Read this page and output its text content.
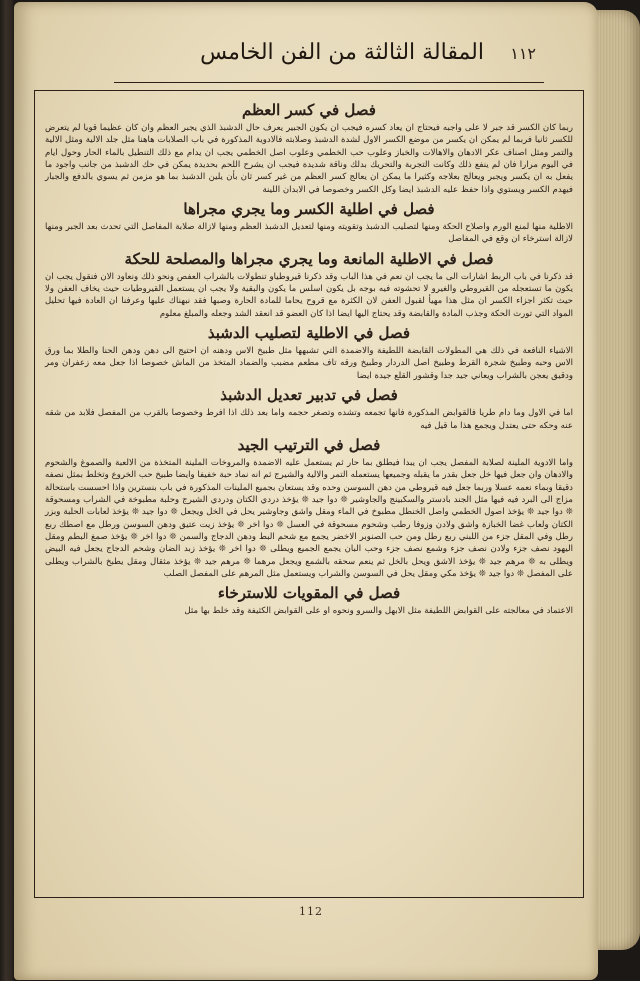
١١٢
المقالة الثالثة من الفن الخامس
فصل في كسر العظم

ربما كان الكسر قد جبر لا على واجبه فيحتاج ان يعاد كسره فيجب ان يكون الجبير يعرف حال الدشبذ الذي يجبر العظم وان كان عظيما قويا لم يتعرض للكسر ثانيا فربما لم يمكن ان يكسر من موضع الكسر الاول لشدة الدشبذ وصلابته فالادوية المذكورة في باب الصلابات هاهنا مثل جلد الالية ومثل الالية والتمر ومثل اصناف عكر الادهان والاهالات والخباز وعلوب حب الخطمي وعلوب اصل الخطمي يجب ان يدام مع ذلك التنطيل بالماء الحار وحول ايام في اليوم مرارا فان لم ينفع ذلك وكانت التجربة والتحريك بدلك وناقة شديدة فيجب ان يشرح اللحم بحديدة يمكن في حك الدشبذ من جانب واجود ما يفعل به ان يكسر ويجبر ويعالج بعلاجه وكثيرا ما يمكن ان يعالج كسر العظم من غير كسر ثان بأن يلين الدشبذ بما هو مزمن ثم يسوي بالدفع والجبار فيهدم الكسر ويستوي واذا حفظ عليه الدشبذ ايضا وكل الكسر وخصوصا في الابدان اللينة

فصل في اطلية الكسر وما يجري مجراها

الاطلية منها لمنع الورم واصلاح الحكة ومنها لتصليب الدشبذ وتقويته ومنها لتعديل الدشبذ العظم ومنها لازالة صلابة المفاصل التي تحدث بعد الجبر ومنها لازالة استرخاء ان وقع في المفاصل

فصل في الاطلية المانعة وما يجري مجراها والمصلحة للحكة

قد ذكرنا في باب الربط اشارات الى ما يجب ان نعم في هذا الباب وقد ذكرنا قيروطياو تنطولات بالشراب العفص ونحو ذلك ونعاود الان فنقول يجب ان يكون ما تستعجله من القيروطي والغيرو لا تحشوته فيه بوجه بل يكون اسلس ما يكون والبقية ولا يجب ان يستعمل القيروطيات حيث يخاف العفن ولا حيث تكثر اجزاء الكسر ان مثل هذا مهيأ لقبول العفن لان الكثرة مع قروح يحاما للمادة الحارة وصبها فقد نبهناك عليها وعرفنا ان العادة فيها تحليل المواد التي تورث الحكة وجذب المادة والقابضة وقد يحتاج اليها ايضا اذا كان العضو قد انعقد الشد وجعله والمبلغ معلوم

فصل في الاطلية لتصليب الدشبذ

الاشياء النافعة في ذلك هي المطولات القابضة اللطيفة والاضمدة التي تشبهها مثل طبيخ الاس ودهنه ان احتيج الى دهن ودهن الحنا والطلا بما ورق الاس وحبه وطبيخ شجرة القرط وطبيخ اصل الدردار وطبيخ ورقه تاف مطعم مضبب والضماد المتخذ من الماش خصوصا اذا جعل معه زعفران ومر ودقيق يعجن بالشراب ويعاني جيد جدا وقشور القلع جيدة ايضا

فصل في تدبير تعديل الدشبذ

اما في الاول وما دام طريا فالقوابض المذكورة فانها تجمعه وتشده وتصغر حجمه واما بعد ذلك اذا افرط وخصوصا بالقرب من المفصل فلابد من شقه عنه وحكه حتى يعتدل ويجمع هذا ما قيل فيه

فصل في الترتيب الجيد

واما الادوية الملينة لصلابة المفصل يجب ان يبدا فيطلق بما حار ثم يستعمل عليه الاضمدة والمروخات الملينة المتخذة من الالعبة والصموغ والشحوم والادهان وان جعل فيها خل جعل بقدر ما يقبله وجميعها يستعمله التمر والالية والشيرج ثم انه نماد حبة خفيفا وايضا طبيخ حب الخروع وتخلط بمثل نصفه دقيقا وبماء نعمه عسلا وربما جعل فيه قيروطي من دهن السوسن وحده وقد يستعان بجميع الملينات المذكورة في باب بنسترين واذا احسست باستحالة مزاج الى البرد فيه فيها مثل الجند بادستر والسكبينج والجاوشير ❊ دوا جيد ❊ يؤخذ دردي الكتان ودردي الشيرج وحلبة مطبوخة في الشراب ومسحوقة ❊ دوا جيد ❊ يؤخذ اصول الخطمي واصل الخنطل مطبوخ في الماء ومقل واشق وجاوشير يحل في الخل ويجعل ❊ دوا جيد ❊ يؤخذ لعابات الحلبة وبزر الكتان ولعاب غضا الخبازة واشق ولادن وزوفا رطب وشحوم مسحوقة في العسل ❊ دوا اخر ❊ يؤخذ زيت عتيق ودهن السوسن ورطل مع اصطك ربع رطل وفي المقل جزء من اللبني ربع رطل ومن حب الصنوبر الاخضر يجمع مع شحم البط ودهن الدجاج والسمن ❊ دوا اخر ❊ يؤخذ صمغ البطم ومقل اليهود نصف جزء ولادن نصف جزء وشمع نصف جزء وحب البان يجمع الجميع ويطلى ❊ دوا اخر ❊ يؤخذ زبد الضان وشحم الدجاج يجعل فيه البيض ويطلى به ❊ مرهم جيد ❊ يؤخذ الاشق ويحل بالخل ثم ينعم سحقه بالشمع ويجعل مرهما ❊ مرهم جيد ❊ يؤخذ مثقال ومقل يطبخ بالشراب ويطلى على المفصل ❊ دوا جيد ❊ يؤخذ مكي ومقل يحل في السوسن والشراب ويستعمل مثل المرهم على المفصل الصلب

فصل في المقويات للاسترخاء

الاعتماد في معالجته على القوابض اللطيفة مثل الابهل والسرو ونحوه او على القوابض الكثيفة وقد خلط بها مثل

112
